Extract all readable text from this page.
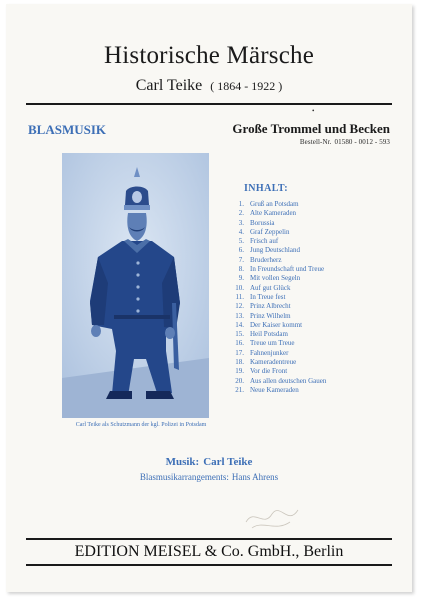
Historische Märsche
Carl Teike ( 1864 - 1922 )
•
BLASMUSIK	Große Trommel und Becken
Bestell-Nr. 01580 - 0012 - 593
Carl Teike als Schutzmann der kgl. Polizei in Potsdam
INHALT:
1. Gruß an Potsdam
2. Alte Kameraden
3. Borussia
4. Graf Zeppelin
5. Frisch auf
6. Jung Deutschland
7. Bruderherz
8. In Freundschaft und Treue
9. Mit vollen Segeln
10. Auf gut Glück
11. In Treue fest
12. Prinz Albrecht
13. Prinz Wilhelm
14. Der Kaiser kommt
15. Heil Potsdam
16. Treue um Treue
17. Fahnenjunker
18. Kameradentreue
19. Vor die Front
20. Aus allen deutschen Gauen
21. Neue Kameraden
Musik: Carl Teike
Blasmusikarrangements: Hans Ahrens
EDITION MEISEL & Co. GmbH., Berlin
